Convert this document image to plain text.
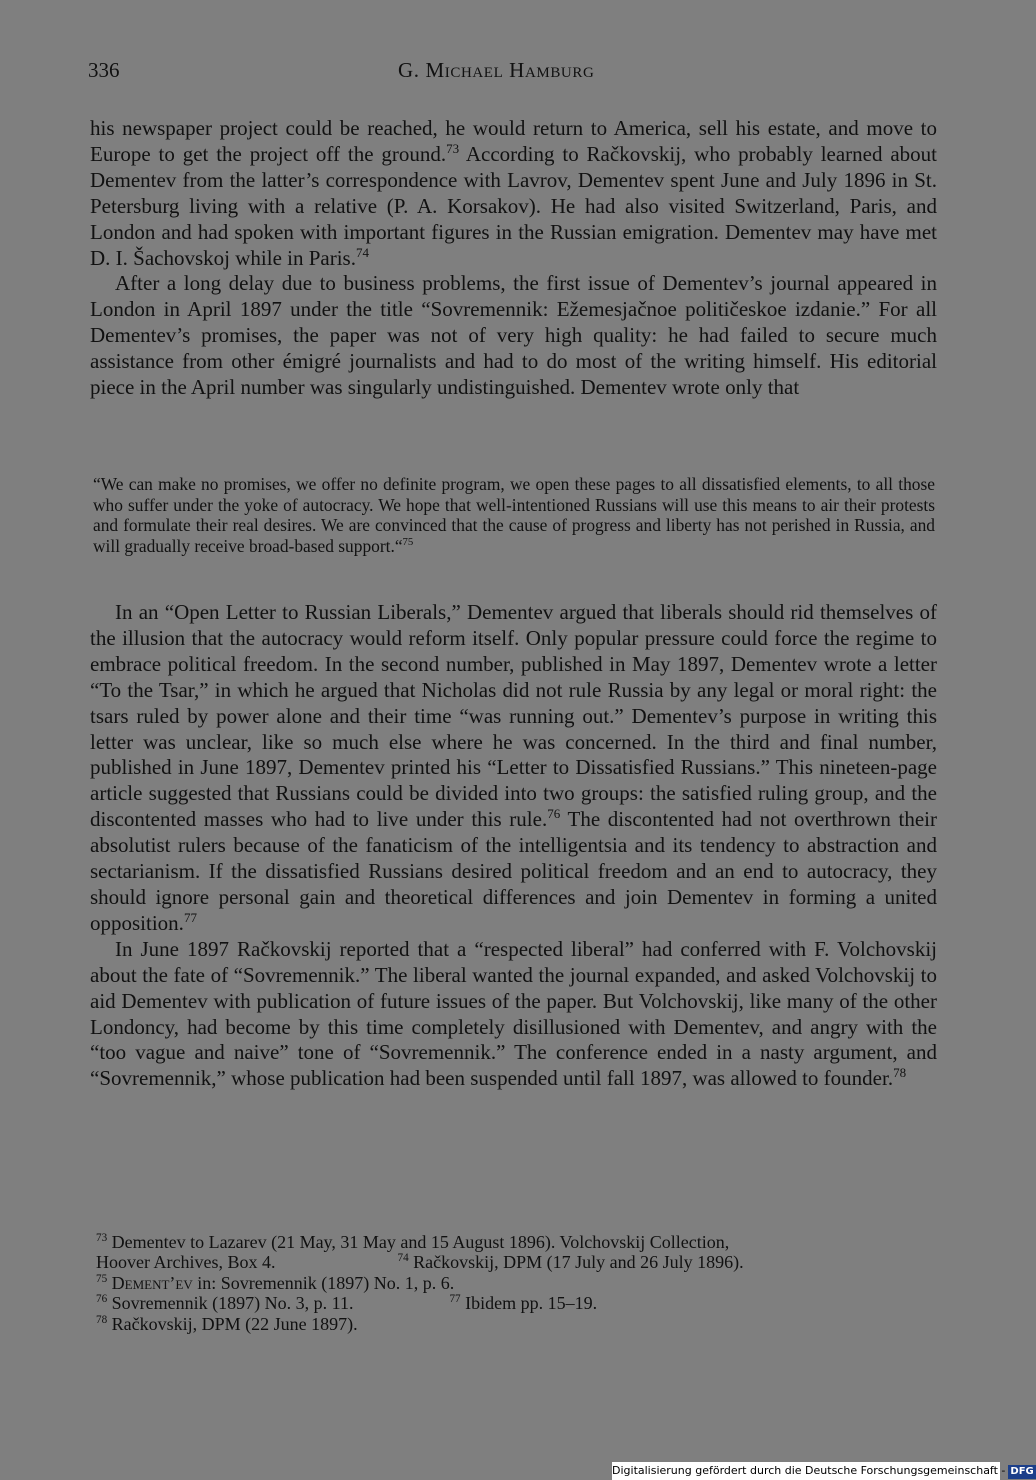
336	G. Michael Hamburg

his newspaper project could be reached, he would return to America, sell his estate, and move to Europe to get the project off the ground.$^{73}$ According to Račkovskij, who probably learned about Dementev from the latter’s correspondence with Lavrov, Dementev spent June and July 1896 in St. Petersburg living with a relative (P. A. Korsakov). He had also visited Switzerland, Paris, and London and had spoken with important figures in the Russian emigration. Dementev may have met D. I. Šachovskoj while in Paris.$^{74}$

After a long delay due to business problems, the first issue of Dementev’s journal appeared in London in April 1897 under the title “Sovremennik: Ežemesjačnoe političeskoe izdanie.” For all Dementev’s promises, the paper was not of very high quality: he had failed to secure much assistance from other émigré journalists and had to do most of the writing himself. His editorial piece in the April number was singularly undistinguished. Dementev wrote only that

“We can make no promises, we offer no definite program, we open these pages to all dissatisfied elements, to all those who suffer under the yoke of autocracy. We hope that well-intentioned Russians will use this means to air their protests and formulate their real desires. We are convinced that the cause of progress and liberty has not perished in Russia, and will gradually receive broad-based support.“$^{75}$

In an “Open Letter to Russian Liberals,” Dementev argued that liberals should rid themselves of the illusion that the autocracy would reform itself. Only popular pressure could force the regime to embrace political freedom. In the second number, published in May 1897, Dementev wrote a letter “To the Tsar,” in which he argued that Nicholas did not rule Russia by any legal or moral right: the tsars ruled by power alone and their time “was running out.” Dementev’s purpose in writing this letter was unclear, like so much else where he was concerned. In the third and final number, published in June 1897, Dementev printed his “Letter to Dissatisfied Russians.” This nineteen-page article suggested that Russians could be divided into two groups: the satisfied ruling group, and the discontented masses who had to live under this rule.$^{76}$ The discontented had not overthrown their absolutist rulers because of the fanaticism of the intelligentsia and its tendency to abstraction and sectarianism. If the dissatisfied Russians desired political freedom and an end to autocracy, they should ignore personal gain and theoretical differences and join Dementev in forming a united opposition.$^{77}$

In June 1897 Račkovskij reported that a “respected liberal” had conferred with F. Volchovskij about the fate of “Sovremennik.” The liberal wanted the journal expanded, and asked Volchovskij to aid Dementev with publication of future issues of the paper. But Volchovskij, like many of the other Londoncy, had become by this time completely disillusioned with Dementev, and angry with the “too vague and naive” tone of “Sovremennik.” The conference ended in a nasty argument, and “Sovremennik,” whose publication had been suspended until fall 1897, was allowed to founder.$^{78}$

$^{73}$ Dementev to Lazarev (21 May, 31 May and 15 August 1896). Volchovskij Collection,

Hoover Archives, Box 4.	$^{74}$ Račkovskij, DPM (17 July and 26 July 1896).

$^{75}$ Dement’ev in: Sovremennik (1897) No. 1, p. 6.

$^{76}$ Sovremennik (1897) No. 3, p. 11.	$^{77}$ Ibidem pp. 15–19.

$^{78}$ Račkovskij, DPM (22 June 1897).

Digitalisierung gefördert durch die Deutsche Forschungsgemeinschaft - DFG
